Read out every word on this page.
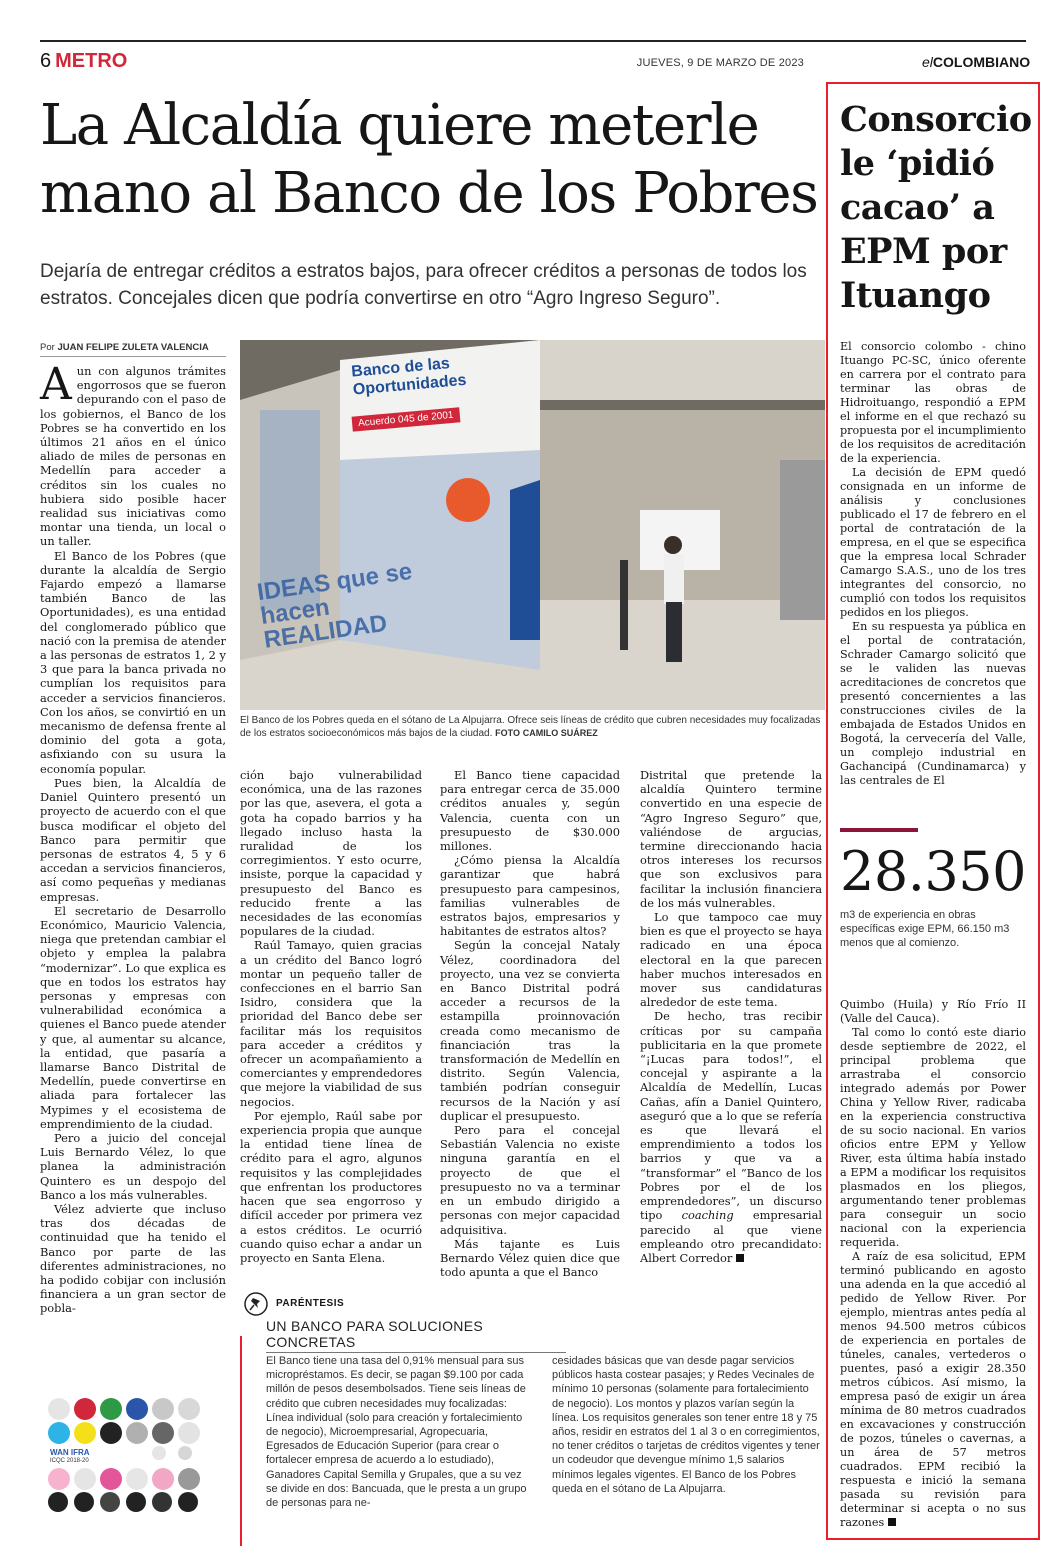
6 METRO	JUEVES, 9 DE MARZO DE 2023	elCOLOMBIANO
La Alcaldía quiere meterle mano al Banco de los Pobres

Dejaría de entregar créditos a estratos bajos, para ofrecer créditos a personas de todos los estratos. Concejales dicen que podría convertirse en otro “Agro Ingreso Seguro”.

Por JUAN FELIPE ZULETA VALENCIA

Aun con algunos trámites engorrosos que se fueron depurando con el paso de los gobiernos, el Banco de los Pobres se ha convertido en los últimos 21 años en el único aliado de miles de personas en Medellín para acceder a créditos sin los cuales no hubiera sido posible hacer realidad sus iniciativas como montar una tienda, un local o un taller.

El Banco de los Pobres (que durante la alcaldía de Sergio Fajardo empezó a llamarse también Banco de las Oportunidades), es una entidad del conglomerado público que nació con la premisa de atender a las personas de estratos 1, 2 y 3 que para la banca privada no cumplían los requisitos para acceder a servicios financieros. Con los años, se convirtió en un mecanismo de defensa frente al dominio del gota a gota, asfixiando con su usura la economía popular.

Pues bien, la Alcaldía de Daniel Quintero presentó un proyecto de acuerdo con el que busca modificar el objeto del Banco para permitir que personas de estratos 4, 5 y 6 accedan a servicios financieros, así como pequeñas y medianas empresas.

El secretario de Desarrollo Económico, Mauricio Valencia, niega que pretendan cambiar el objeto y emplea la palabra “modernizar”. Lo que explica es que en todos los estratos hay personas y empresas con vulnerabilidad económica a quienes el Banco puede atender y que, al aumentar su alcance, la entidad, que pasaría a llamarse Banco Distrital de Medellín, puede convertirse en aliada para fortalecer las Mypimes y el ecosistema de emprendimiento de la ciudad.

Pero a juicio del concejal Luis Bernardo Vélez, lo que planea la administración Quintero es un despojo del Banco a los más vulnerables.

Vélez advierte que incluso tras dos décadas de continuidad que ha tenido el Banco por parte de las diferentes administraciones, no ha podido cobijar con inclusión financiera a un gran sector de pobla-

Banco de las Oportunidades
Acuerdo 045 de 2001
IDEAS que se hacen REALIDAD
El Banco de los Pobres queda en el sótano de La Alpujarra. Ofrece seis líneas de crédito que cubren necesidades muy focalizadas de los estratos socioeconómicos más bajos de la ciudad. FOTO CAMILO SUÁREZ

ción bajo vulnerabilidad económica, una de las razones por las que, asevera, el gota a gota ha copado barrios y ha llegado incluso hasta la ruralidad de los corregimientos. Y esto ocurre, insiste, porque la capacidad y presupuesto del Banco es reducido frente a las necesidades de las economías populares de la ciudad.

Raúl Tamayo, quien gracias a un crédito del Banco logró montar un pequeño taller de confecciones en el barrio San Isidro, considera que la prioridad del Banco debe ser facilitar más los requisitos para acceder a créditos y ofrecer un acompañamiento a comerciantes y emprendedores que mejore la viabilidad de sus negocios.

Por ejemplo, Raúl sabe por experiencia propia que aunque la entidad tiene línea de crédito para el agro, algunos requisitos y las complejidades que enfrentan los productores hacen que sea engorroso y difícil acceder por primera vez a estos créditos. Le ocurrió cuando quiso echar a andar un proyecto en Santa Elena.

El Banco tiene capacidad para entregar cerca de 35.000 créditos anuales y, según Valencia, cuenta con un presupuesto de $30.000 millones.

¿Cómo piensa la Alcaldía garantizar que habrá presupuesto para campesinos, familias vulnerables de estratos bajos, empresarios y habitantes de estratos altos?

Según la concejal Nataly Vélez, coordinadora del proyecto, una vez se convierta en Banco Distrital podrá acceder a recursos de la estampilla proinnovación creada como mecanismo de financiación tras la transformación de Medellín en distrito. Según Valencia, también podrían conseguir recursos de la Nación y así duplicar el presupuesto.

Pero para el concejal Sebastián Valencia no existe ninguna garantía en el proyecto de que el presupuesto no va a terminar en un embudo dirigido a personas con mejor capacidad adquisitiva.

Más tajante es Luis Bernardo Vélez quien dice que todo apunta a que el Banco

Distrital que pretende la alcaldía Quintero termine convertido en una especie de “Agro Ingreso Seguro” que, valiéndose de argucias, termine direccionando hacia otros intereses los recursos que son exclusivos para facilitar la inclusión financiera de los más vulnerables.

Lo que tampoco cae muy bien es que el proyecto se haya radicado en una época electoral en la que parecen haber muchos interesados en mover sus candidaturas alrededor de este tema.

De hecho, tras recibir críticas por su campaña publicitaria en la que promete “¡Lucas para todos!”, el concejal y aspirante a la Alcaldía de Medellín, Lucas Cañas, afín a Daniel Quintero, aseguró que a lo que se refería es que llevará el emprendimiento a todos los barrios y que va a “transformar” el “Banco de los Pobres por el de los emprendedores”, un discurso tipo coaching empresarial parecido al que viene empleando otro precandidato: Albert Corredor

PARÉNTESIS
UN BANCO PARA SOLUCIONES CONCRETAS

El Banco tiene una tasa del 0,91% mensual para sus micropréstamos. Es decir, se pagan $9.100 por cada millón de pesos desembolsados. Tiene seis líneas de crédito que cubren necesidades muy focalizadas: Línea individual (solo para creación y fortalecimiento de negocio), Microempresarial, Agropecuaria, Egresados de Educación Superior (para crear o fortalecer empresa de acuerdo a lo estudiado), Ganadores Capital Semilla y Grupales, que a su vez se divide en dos: Bancuada, que le presta a un grupo de personas para ne-

cesidades básicas que van desde pagar servicios públicos hasta costear pasajes; y Redes Vecinales de mínimo 10 personas (solamente para fortalecimiento de negocio). Los montos y plazos varían según la línea. Los requisitos generales son tener entre 18 y 75 años, residir en estratos del 1 al 3 o en corregimientos, no tener créditos o tarjetas de créditos vigentes y tener un codeudor que devengue mínimo 1,5 salarios mínimos legales vigentes. El Banco de los Pobres queda en el sótano de La Alpujarra.

WAN IFRA
ICQC 2018-20
Consorcio le ‘pidió cacao’ a EPM por Ituango

El consorcio colombo - chino Ituango PC-SC, único oferente en carrera por el contrato para terminar las obras de Hidroituango, respondió a EPM el informe en el que rechazó su propuesta por el incumplimiento de los requisitos de acreditación de la experiencia.

La decisión de EPM quedó consignada en un informe de análisis y conclusiones publicado el 17 de febrero en el portal de contratación de la empresa, en el que se especifica que la empresa local Schrader Camargo S.A.S., uno de los tres integrantes del consorcio, no cumplió con todos los requisitos pedidos en los pliegos.

En su respuesta ya pública en el portal de contratación, Schrader Camargo solicitó que se le validen las nuevas acreditaciones de concretos que presentó concernientes a las construcciones civiles de la embajada de Estados Unidos en Bogotá, la cervecería del Valle, un complejo industrial en Gachancipá (Cundinamarca) y las centrales de El

28.350
m3 de experiencia en obras específicas exige EPM, 66.150 m3 menos que al comienzo.

Quimbo (Huila) y Río Frío II (Valle del Cauca).

Tal como lo contó este diario desde septiembre de 2022, el principal problema que arrastraba el consorcio integrado además por Power China y Yellow River, radicaba en la experiencia constructiva de su socio nacional. En varios oficios entre EPM y Yellow River, esta última había instado a EPM a modificar los requisitos plasmados en los pliegos, argumentando tener problemas para conseguir un socio nacional con la experiencia requerida.

A raíz de esa solicitud, EPM terminó publicando en agosto una adenda en la que accedió al pedido de Yellow River. Por ejemplo, mientras antes pedía al menos 94.500 metros cúbicos de experiencia en portales de túneles, canales, vertederos o puentes, pasó a exigir 28.350 metros cúbicos. Así mismo, la empresa pasó de exigir un área mínima de 80 metros cuadrados en excavaciones y construcción de pozos, túneles o cavernas, a un área de 57 metros cuadrados. EPM recibió la respuesta e inició la semana pasada su revisión para determinar si acepta o no sus razones
